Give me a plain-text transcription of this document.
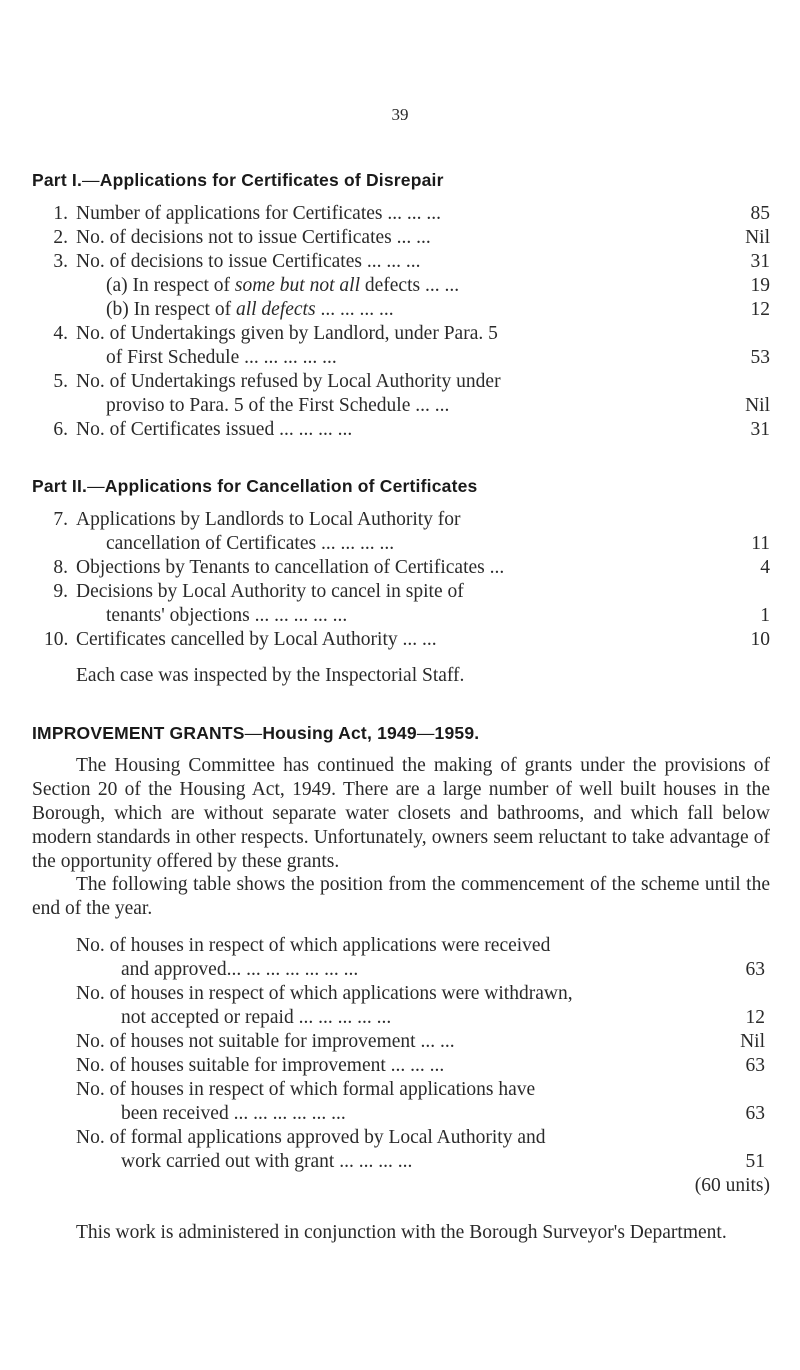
39
Part I.—Applications for Certificates of Disrepair
1. Number of applications for Certificates ... ... ...	85
2. No. of decisions not to issue Certificates ... ...	Nil
3. No. of decisions to issue Certificates ... ... ...	31
(a) In respect of some but not all defects ... ...	19
(b) In respect of all defects ... ... ... ...	12
4. No. of Undertakings given by Landlord, under Para. 5
of First Schedule ... ... ... ... ...	53
5. No. of Undertakings refused by Local Authority under
proviso to Para. 5 of the First Schedule ... ...	Nil
6. No. of Certificates issued ... ... ... ...	31
Part II.—Applications for Cancellation of Certificates
7. Applications by Landlords to Local Authority for
cancellation of Certificates ... ... ... ...	11
8. Objections by Tenants to cancellation of Certificates ...	4
9. Decisions by Local Authority to cancel in spite of
tenants' objections ... ... ... ... ...	1
10. Certificates cancelled by Local Authority ... ...	10
Each case was inspected by the Inspectorial Staff.
IMPROVEMENT GRANTS—Housing Act, 1949—1959.
The Housing Committee has continued the making of grants under the provisions of Section 20 of the Housing Act, 1949. There are a large number of well built houses in the Borough, which are without separate water closets and bathrooms, and which fall below modern standards in other respects. Unfortunately, owners seem reluctant to take advantage of the opportunity offered by these grants.
The following table shows the position from the commencement of the scheme until the end of the year.
No. of houses in respect of which applications were received
and approved... ... ... ... ... ... ...	63
No. of houses in respect of which applications were withdrawn,
not accepted or repaid ... ... ... ... ...	12
No. of houses not suitable for improvement ... ...	Nil
No. of houses suitable for improvement ... ... ...	63
No. of houses in respect of which formal applications have
been received ... ... ... ... ... ...	63
No. of formal applications approved by Local Authority and
work carried out with grant ... ... ... ...	51
(60 units)
This work is administered in conjunction with the Borough Surveyor's Department.
